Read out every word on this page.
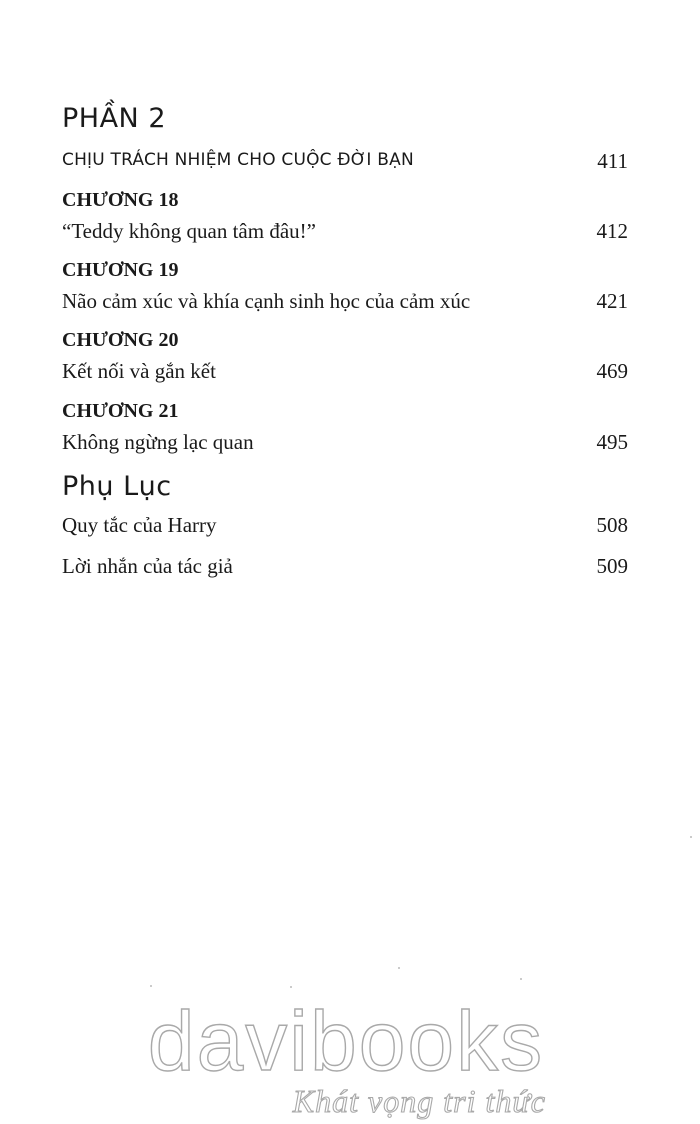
PHẦN 2
CHỊU TRÁCH NHIỆM CHO CUỘC ĐỜI BẠN	411
CHƯƠNG 18
“Teddy không quan tâm đâu!”	412
CHƯƠNG 19
Não cảm xúc và khía cạnh sinh học của cảm xúc	421
CHƯƠNG 20
Kết nối và gắn kết	469
CHƯƠNG 21
Không ngừng lạc quan	495
Phụ Lục
Quy tắc của Harry	508
Lời nhắn của tác giả	509
davibooks
Khát vọng tri thức
